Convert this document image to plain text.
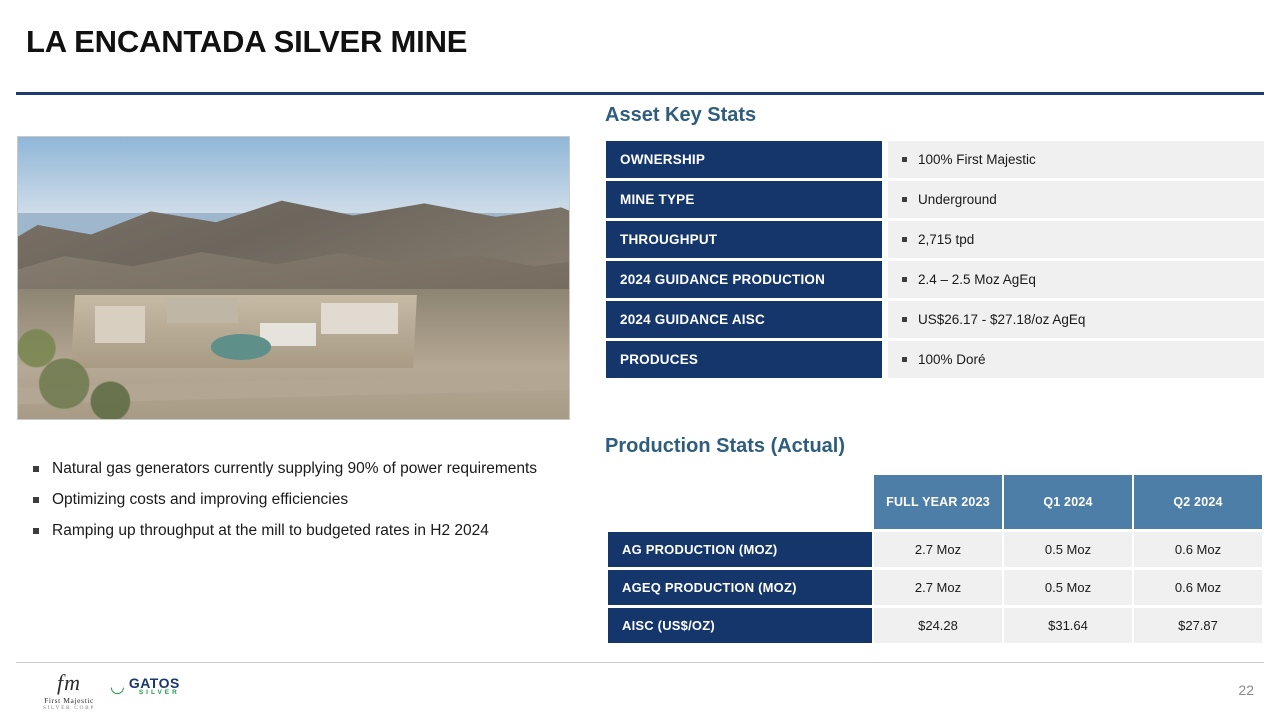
LA ENCANTADA SILVER MINE
Natural gas generators currently supplying 90% of power requirements
Optimizing costs and improving efficiencies
Ramping up throughput at the mill to budgeted rates in H2 2024
Asset Key Stats
OWNERSHIP		100% First Majestic
MINE TYPE		Underground
THROUGHPUT		2,715 tpd
2024 GUIDANCE PRODUCTION		2.4 – 2.5 Moz AgEq
2024 GUIDANCE AISC		US$26.17 - $27.18/oz AgEq
PRODUCES		100% Doré
Production Stats (Actual)
	FULL YEAR 2023	Q1 2024	Q2 2024
AG PRODUCTION (MOZ)	2.7 Moz	0.5 Moz	0.6 Moz
AGEQ PRODUCTION (MOZ)	2.7 Moz	0.5 Moz	0.6 Moz
AISC (US$/OZ)	$24.28	$31.64	$27.87
fm
First Majestic
SILVER CORP
◡ GATOS
SILVER	22
